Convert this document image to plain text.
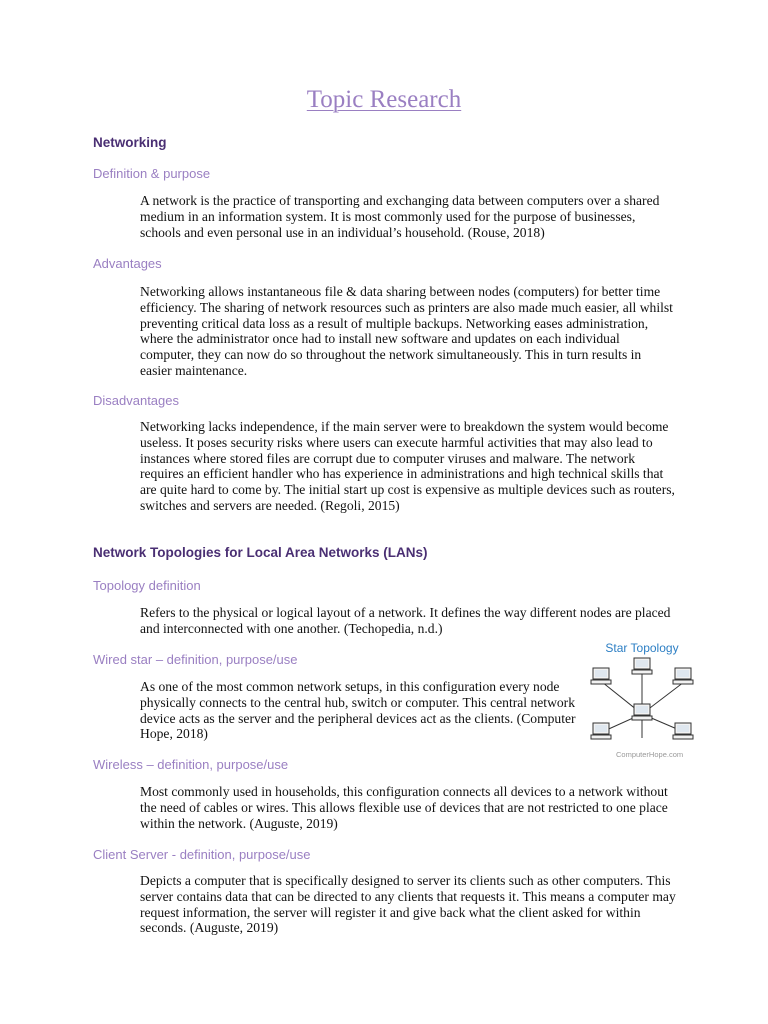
Topic Research
Networking
Definition & purpose

A network is the practice of transporting and exchanging data between computers over a shared medium in an information system. It is most commonly used for the purpose of businesses, schools and even personal use in an individual’s household. (Rouse, 2018)

Advantages

Networking allows instantaneous file & data sharing between nodes (computers) for better time efficiency. The sharing of network resources such as printers are also made much easier, all whilst preventing critical data loss as a result of multiple backups. Networking eases administration, where the administrator once had to install new software and updates on each individual computer, they can now do so throughout the network simultaneously. This in turn results in easier maintenance.

Disadvantages

Networking lacks independence, if the main server were to breakdown the system would become useless. It poses security risks where users can execute harmful activities that may also lead to instances where stored files are corrupt due to computer viruses and malware. The network requires an efficient handler who has experience in administrations and high technical skills that are quite hard to come by. The initial start up cost is expensive as multiple devices such as routers, switches and servers are needed. (Regoli, 2015)

Network Topologies for Local Area Networks (LANs)
Topology definition

Refers to the physical or logical layout of a network. It defines the way different nodes are placed and interconnected with one another. (Techopedia, n.d.)

Wired star – definition, purpose/use

As one of the most common network setups, in this configuration every node physically connects to the central hub, switch or computer. This central network device acts as the server and the peripheral devices act as the clients. (Computer Hope, 2018)

Star Topology
ComputerHope.com
Wireless – definition, purpose/use

Most commonly used in households, this configuration connects all devices to a network without the need of cables or wires. This allows flexible use of devices that are not restricted to one place within the network. (Auguste, 2019)

Client Server - definition, purpose/use

Depicts a computer that is specifically designed to server its clients such as other computers. This server contains data that can be directed to any clients that requests it. This means a computer may request information, the server will register it and give back what the client asked for within seconds. (Auguste, 2019)
